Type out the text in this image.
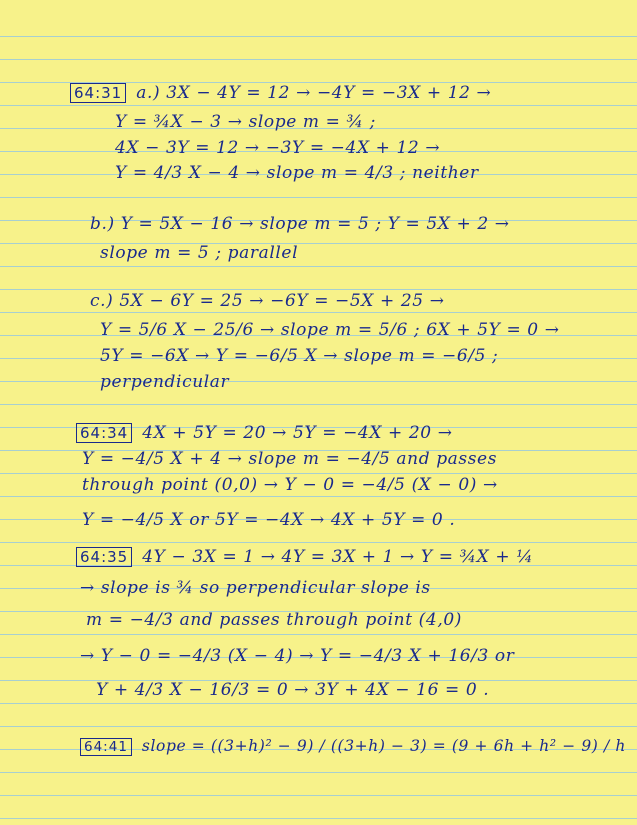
64:31 a.) 3X − 4Y = 12 → −4Y = −3X + 12 →
Y = ¾X − 3 → slope m = ¾ ;
4X − 3Y = 12 → −3Y = −4X + 12 →
Y = 4/3 X − 4 → slope m = 4/3 ; neither
b.) Y = 5X − 16 → slope m = 5 ; Y = 5X + 2 →
slope m = 5 ; parallel
c.) 5X − 6Y = 25 → −6Y = −5X + 25 →
Y = 5/6 X − 25/6 → slope m = 5/6 ; 6X + 5Y = 0 →
5Y = −6X → Y = −6/5 X → slope m = −6/5 ;
perpendicular
64:34 4X + 5Y = 20 → 5Y = −4X + 20 →
Y = −4/5 X + 4 → slope m = −4/5 and passes
through point (0,0) → Y − 0 = −4/5 (X − 0) →
Y = −4/5 X or 5Y = −4X → 4X + 5Y = 0 .
64:35 4Y − 3X = 1 → 4Y = 3X + 1 → Y = ¾X + ¼
→ slope is ¾ so perpendicular slope is
m = −4/3 and passes through point (4,0)
→ Y − 0 = −4/3 (X − 4) → Y = −4/3 X + 16/3 or
Y + 4/3 X − 16/3 = 0 → 3Y + 4X − 16 = 0 .
64:41 slope = ((3+h)² − 9) / ((3+h) − 3) = (9 + 6h + h² − 9) / h
